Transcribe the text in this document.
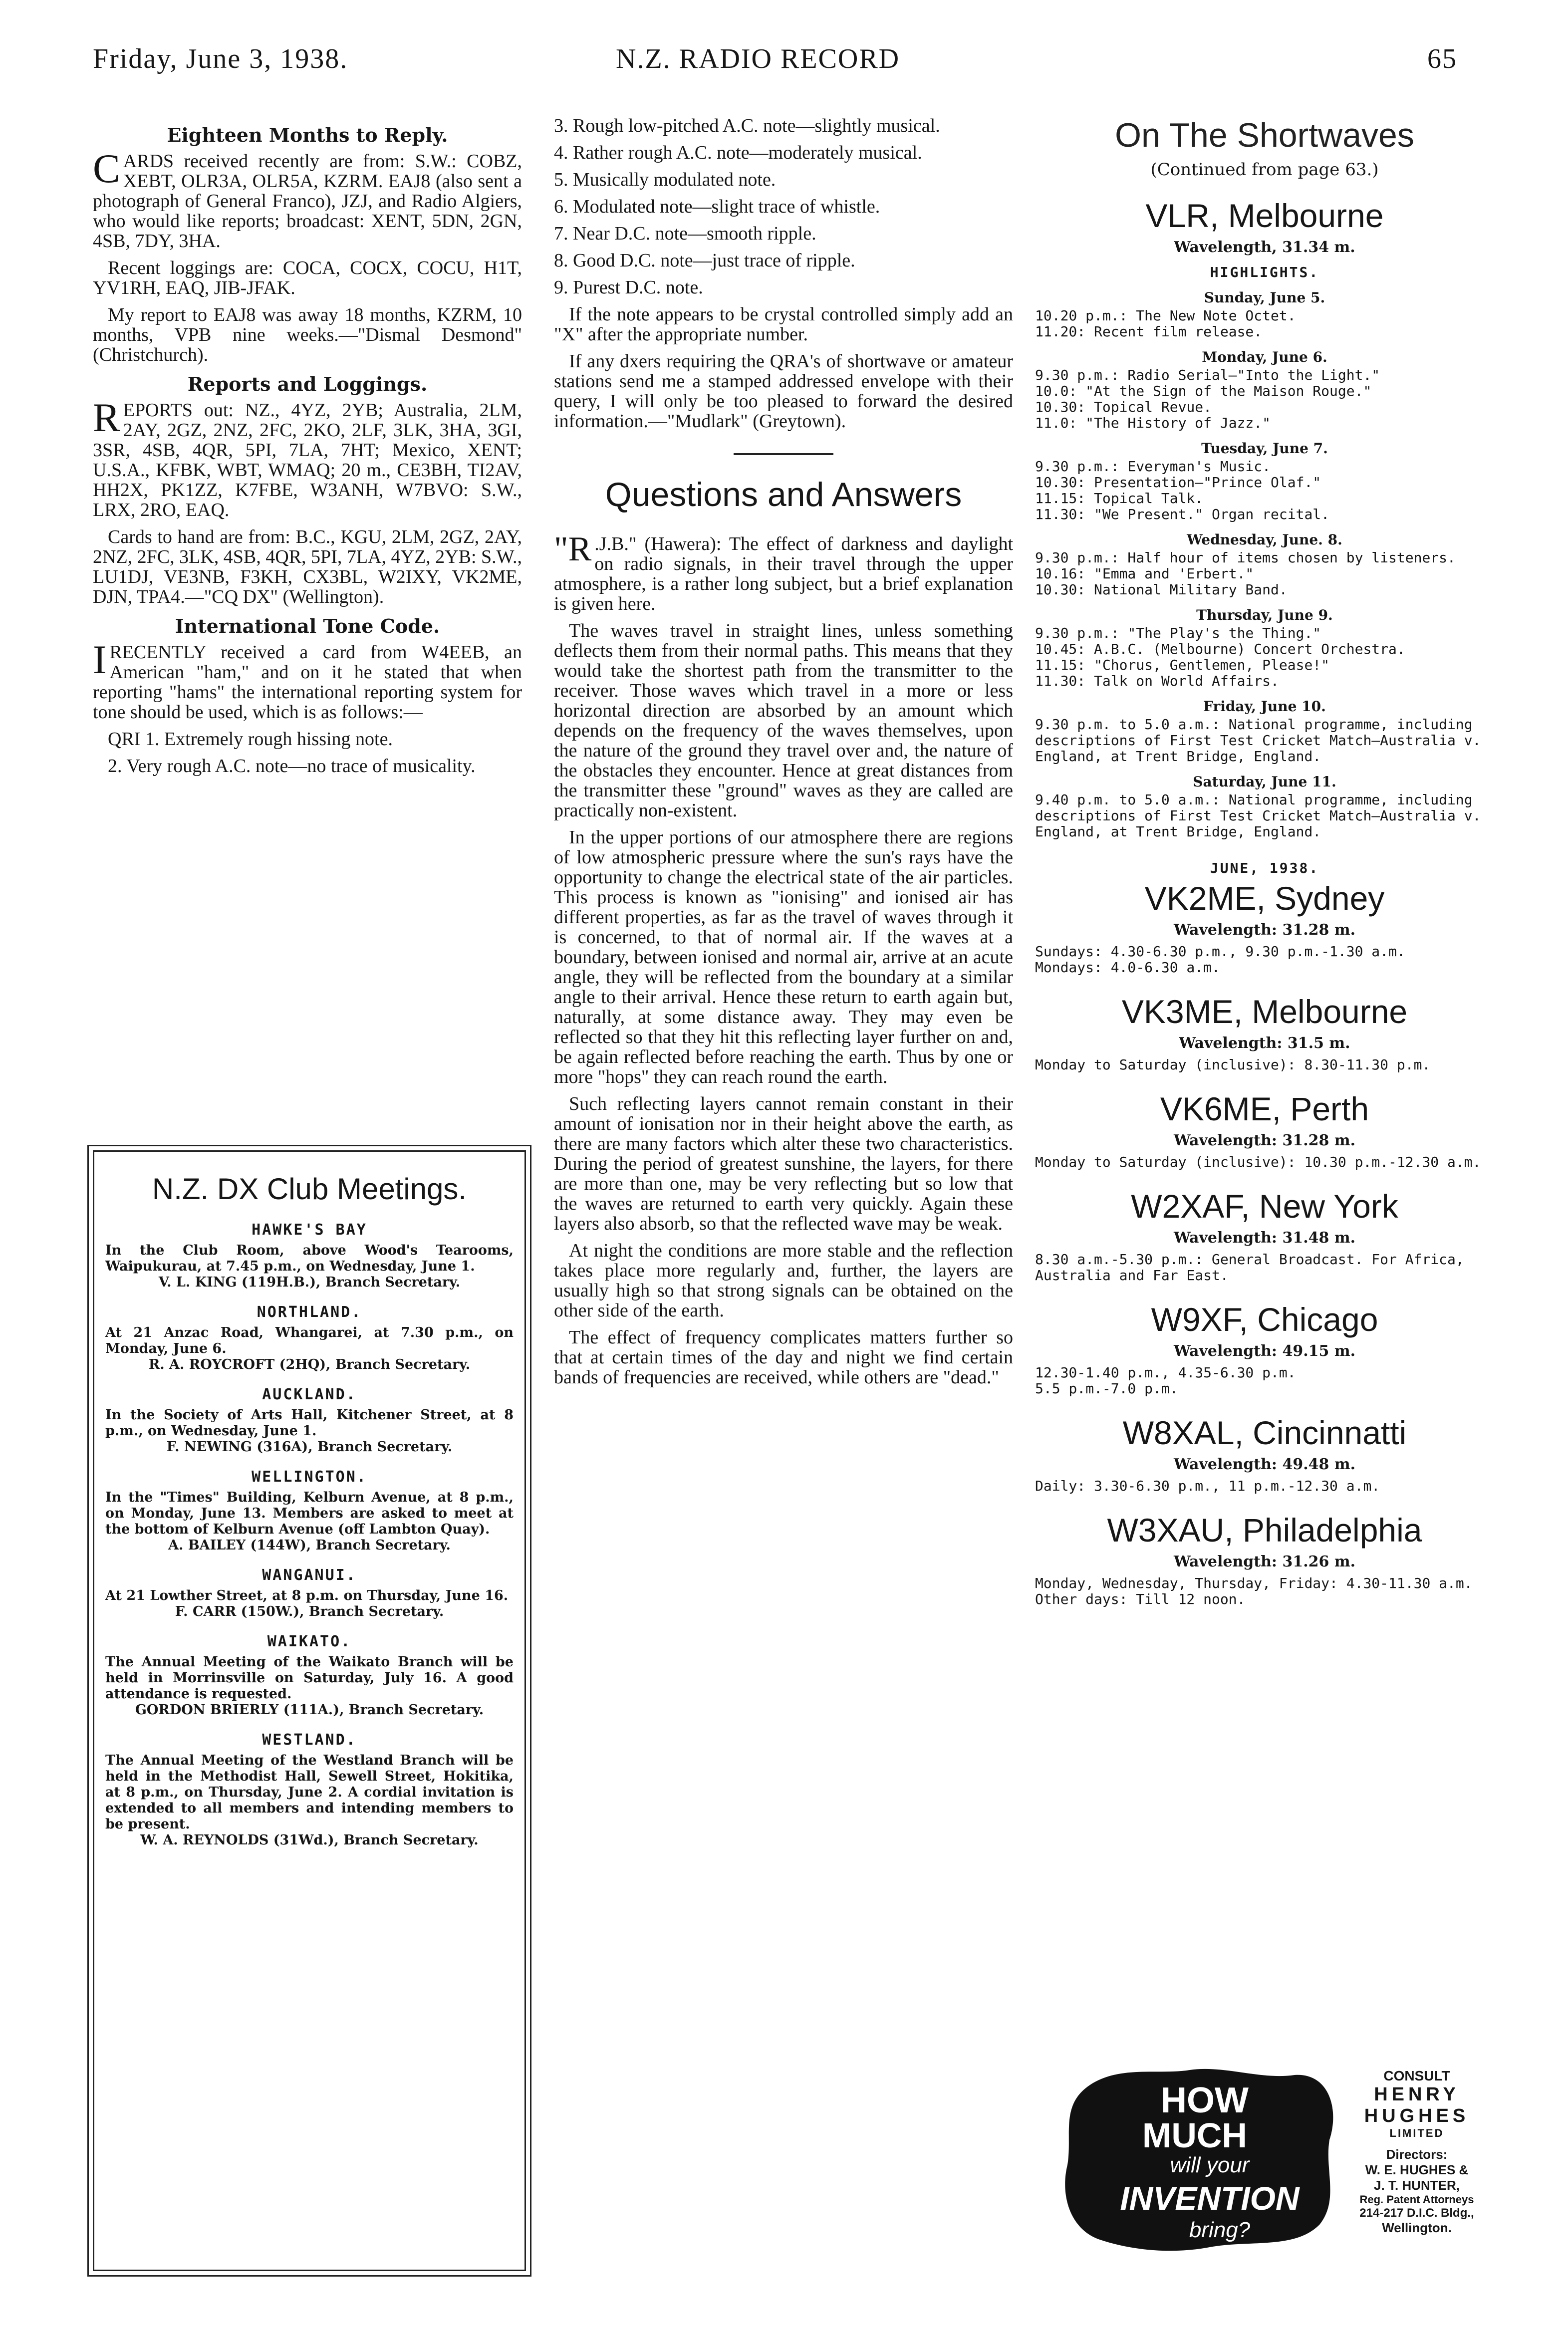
Friday, June 3, 1938.	N.Z. RADIO RECORD	65
Eighteen Months to Reply.

CARDS received recently are from: S.W.: COBZ, XEBT, OLR3A, OLR5A, KZRM. EAJ8 (also sent a photograph of General Franco), JZJ, and Radio Algiers, who would like reports; broadcast: XENT, 5DN, 2GN, 4SB, 7DY, 3HA.

Recent loggings are: COCA, COCX, COCU, H1T, YV1RH, EAQ, JIB-JFAK.

My report to EAJ8 was away 18 months, KZRM, 10 months, VPB nine weeks.—"Dismal Desmond" (Christchurch).

Reports and Loggings.

REPORTS out: NZ., 4YZ, 2YB; Australia, 2LM, 2AY, 2GZ, 2NZ, 2FC, 2KO, 2LF, 3LK, 3HA, 3GI, 3SR, 4SB, 4QR, 5PI, 7LA, 7HT; Mexico, XENT; U.S.A., KFBK, WBT, WMAQ; 20 m., CE3BH, TI2AV, HH2X, PK1ZZ, K7FBE, W3ANH, W7BVO: S.W., LRX, 2RO, EAQ.

Cards to hand are from: B.C., KGU, 2LM, 2GZ, 2AY, 2NZ, 2FC, 3LK, 4SB, 4QR, 5PI, 7LA, 4YZ, 2YB: S.W., LU1DJ, VE3NB, F3KH, CX3BL, W2IXY, VK2ME, DJN, TPA4.—"CQ DX" (Wellington).

International Tone Code.

IRECENTLY received a card from W4EEB, an American "ham," and on it he stated that when reporting "hams" the international reporting system for tone should be used, which is as follows:—

QRI 1. Extremely rough hissing note.

2. Very rough A.C. note—no trace of musicality.

N.Z. DX Club Meetings.
HAWKE'S BAY
In the Club Room, above Wood's Tearooms, Waipukurau, at 7.45 p.m., on Wednesday, June 1.
V. L. KING (119H.B.), Branch Secretary.
NORTHLAND.
At 21 Anzac Road, Whangarei, at 7.30 p.m., on Monday, June 6.
R. A. ROYCROFT (2HQ), Branch Secretary.
AUCKLAND.
In the Society of Arts Hall, Kitchener Street, at 8 p.m., on Wednesday, June 1.
F. NEWING (316A), Branch Secretary.
WELLINGTON.
In the "Times" Building, Kelburn Avenue, at 8 p.m., on Monday, June 13. Members are asked to meet at the bottom of Kelburn Avenue (off Lambton Quay).
A. BAILEY (144W), Branch Secretary.
WANGANUI.
At 21 Lowther Street, at 8 p.m. on Thursday, June 16.
F. CARR (150W.), Branch Secretary.
WAIKATO.
The Annual Meeting of the Waikato Branch will be held in Morrinsville on Saturday, July 16. A good attendance is requested.
GORDON BRIERLY (111A.), Branch Secretary.
WESTLAND.
The Annual Meeting of the Westland Branch will be held in the Methodist Hall, Sewell Street, Hokitika, at 8 p.m., on Thursday, June 2. A cordial invitation is extended to all members and intending members to be present.
W. A. REYNOLDS (31Wd.), Branch Secretary.

3. Rough low-pitched A.C. note—slightly musical.

4. Rather rough A.C. note—moderately musical.

5. Musically modulated note.

6. Modulated note—slight trace of whistle.

7. Near D.C. note—smooth ripple.

8. Good D.C. note—just trace of ripple.

9. Purest D.C. note.

If the note appears to be crystal controlled simply add an "X" after the appropriate number.

If any dxers requiring the QRA's of shortwave or amateur stations send me a stamped addressed envelope with their query, I will only be too pleased to forward the desired information.—"Mudlark" (Greytown).

Questions and Answers

"R .J.B." (Hawera): The effect of darkness and daylight on radio signals, in their travel through the upper atmosphere, is a rather long subject, but a brief explanation is given here.

The waves travel in straight lines, unless something deflects them from their normal paths. This means that they would take the shortest path from the transmitter to the receiver. Those waves which travel in a more or less horizontal direction are absorbed by an amount which depends on the frequency of the waves themselves, upon the nature of the ground they travel over and, the nature of the obstacles they encounter. Hence at great distances from the transmitter these "ground" waves as they are called are practically non-existent.

In the upper portions of our atmosphere there are regions of low atmospheric pressure where the sun's rays have the opportunity to change the electrical state of the air particles. This process is known as "ionising" and ionised air has different properties, as far as the travel of waves through it is concerned, to that of normal air. If the waves at a boundary, between ionised and normal air, arrive at an acute angle, they will be reflected from the boundary at a similar angle to their arrival. Hence these return to earth again but, naturally, at some distance away. They may even be reflected so that they hit this reflecting layer further on and, be again reflected before reaching the earth. Thus by one or more "hops" they can reach round the earth.

Such reflecting layers cannot remain constant in their amount of ionisation nor in their height above the earth, as there are many factors which alter these two characteristics. During the period of greatest sunshine, the layers, for there are more than one, may be very reflecting but so low that the waves are returned to earth very quickly. Again these layers also absorb, so that the reflected wave may be weak.

At night the conditions are more stable and the reflection takes place more regularly and, further, the layers are usually high so that strong signals can be obtained on the other side of the earth.

The effect of frequency complicates matters further so that at certain times of the day and night we find certain bands of frequencies are received, while others are "dead."

On The Shortwaves
(Continued from page 63.)
VLR, Melbourne
Wavelength, 31.34 m.
HIGHLIGHTS.
Sunday, June 5.
10.20 p.m.: The New Note Octet.
11.20: Recent film release.
Monday, June 6.
9.30 p.m.: Radio Serial—"Into the Light."
10.0: "At the Sign of the Maison Rouge."
10.30: Topical Revue.
11.0: "The History of Jazz."
Tuesday, June 7.
9.30 p.m.: Everyman's Music.
10.30: Presentation—"Prince Olaf."
11.15: Topical Talk.
11.30: "We Present." Organ recital.
Wednesday, June. 8.
9.30 p.m.: Half hour of items chosen by listeners.
10.16: "Emma and 'Erbert."
10.30: National Military Band.
Thursday, June 9.
9.30 p.m.: "The Play's the Thing."
10.45: A.B.C. (Melbourne) Concert Orchestra.
11.15: "Chorus, Gentlemen, Please!"
11.30: Talk on World Affairs.
Friday, June 10.
9.30 p.m. to 5.0 a.m.: National programme, including descriptions of First Test Cricket Match—Australia v. England, at Trent Bridge, England.
Saturday, June 11.
9.40 p.m. to 5.0 a.m.: National programme, including descriptions of First Test Cricket Match—Australia v. England, at Trent Bridge, England.
JUNE, 1938.
VK2ME, Sydney
Wavelength: 31.28 m.
Sundays: 4.30-6.30 p.m., 9.30 p.m.-1.30 a.m.
Mondays: 4.0-6.30 a.m.
VK3ME, Melbourne
Wavelength: 31.5 m.
Monday to Saturday (inclusive): 8.30-11.30 p.m.
VK6ME, Perth
Wavelength: 31.28 m.
Monday to Saturday (inclusive): 10.30 p.m.-12.30 a.m.
W2XAF, New York
Wavelength: 31.48 m.
8.30 a.m.-5.30 p.m.: General Broadcast. For Africa, Australia and Far East.
W9XF, Chicago
Wavelength: 49.15 m.
12.30-1.40 p.m., 4.35-6.30 p.m.
5.5 p.m.-7.0 p.m.
W8XAL, Cincinnatti
Wavelength: 49.48 m.
Daily: 3.30-6.30 p.m., 11 p.m.-12.30 a.m.
W3XAU, Philadelphia
Wavelength: 31.26 m.
Monday, Wednesday, Thursday, Friday: 4.30-11.30 a.m.
Other days: Till 12 noon.
HOW
MUCH
will your
INVENTION
bring?
CONSULT
HENRY
HUGHES
LIMITED
Directors:
W. E. HUGHES &
J. T. HUNTER,
Reg. Patent Attorneys
214-217 D.I.C. Bldg.,
Wellington.
